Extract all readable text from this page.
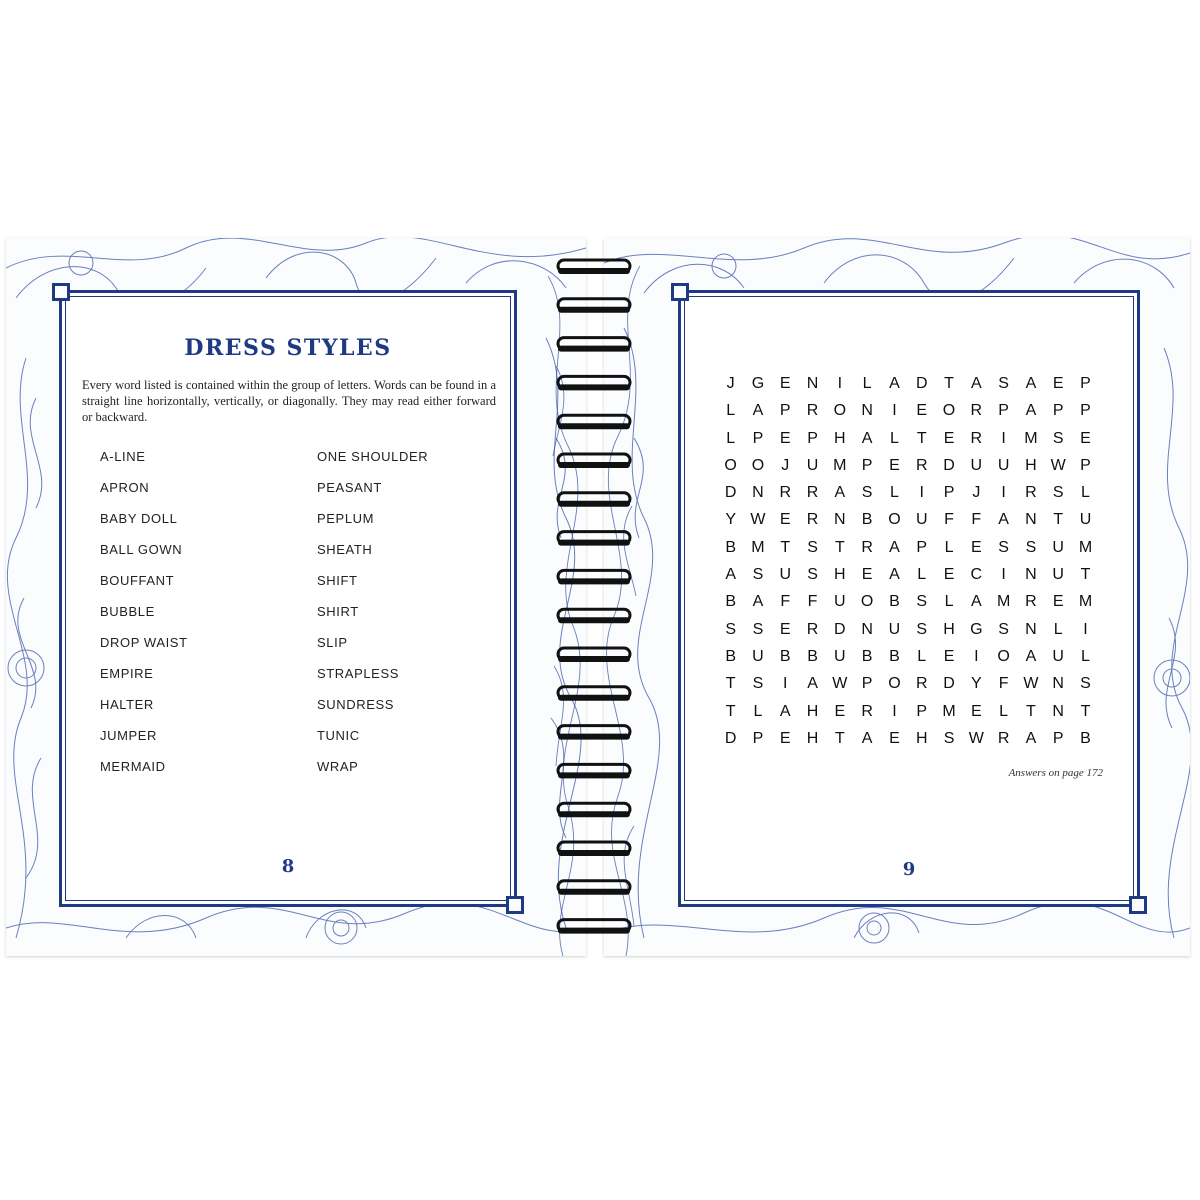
DRESS STYLES
Every word listed is contained within the group of letters. Words can be found in a straight line horizontally, vertically, or diagonally. They may read either forward or backward.
A-LINE
APRON
BABY DOLL
BALL GOWN
BOUFFANT
BUBBLE
DROP WAIST
EMPIRE
HALTER
JUMPER
MERMAID
ONE SHOULDER
PEASANT
PEPLUM
SHEATH
SHIFT
SHIRT
SLIP
STRAPLESS
SUNDRESS
TUNIC
WRAP
8
J	G E	N	I	L	A	D	T	A	S	A	E	P
L	A	P	R O N	I	E O R	P	A	P	P
L	P	E	P	H	A	L	T	E	R	I	M S	E
O O	J	U M P	E	R D U U H W P
D N R R	A	S	L	I	P	J	I	R	S	L
Y W E	R N	B O U	F	F	A	N	T	U
B M T	S	T	R	A	P	L	E	S	S	U M
A	S	U	S	H	E	A	L	E	C	I	N U	T
B	A	F	F	U O B	S	L	A M R	E M
S	S	E	R D N U	S	H G S	N	L	I
B	U	B	B	U	B	B	L	E	I	O A	U	L
T	S	I	A W P O R D	Y	F W N	S
T	L	A	H	E	R	I	P M E	L	T	N	T
D	P	E	H	T	A	E	H	S W R	A	P	B
Answers on page 172
9
